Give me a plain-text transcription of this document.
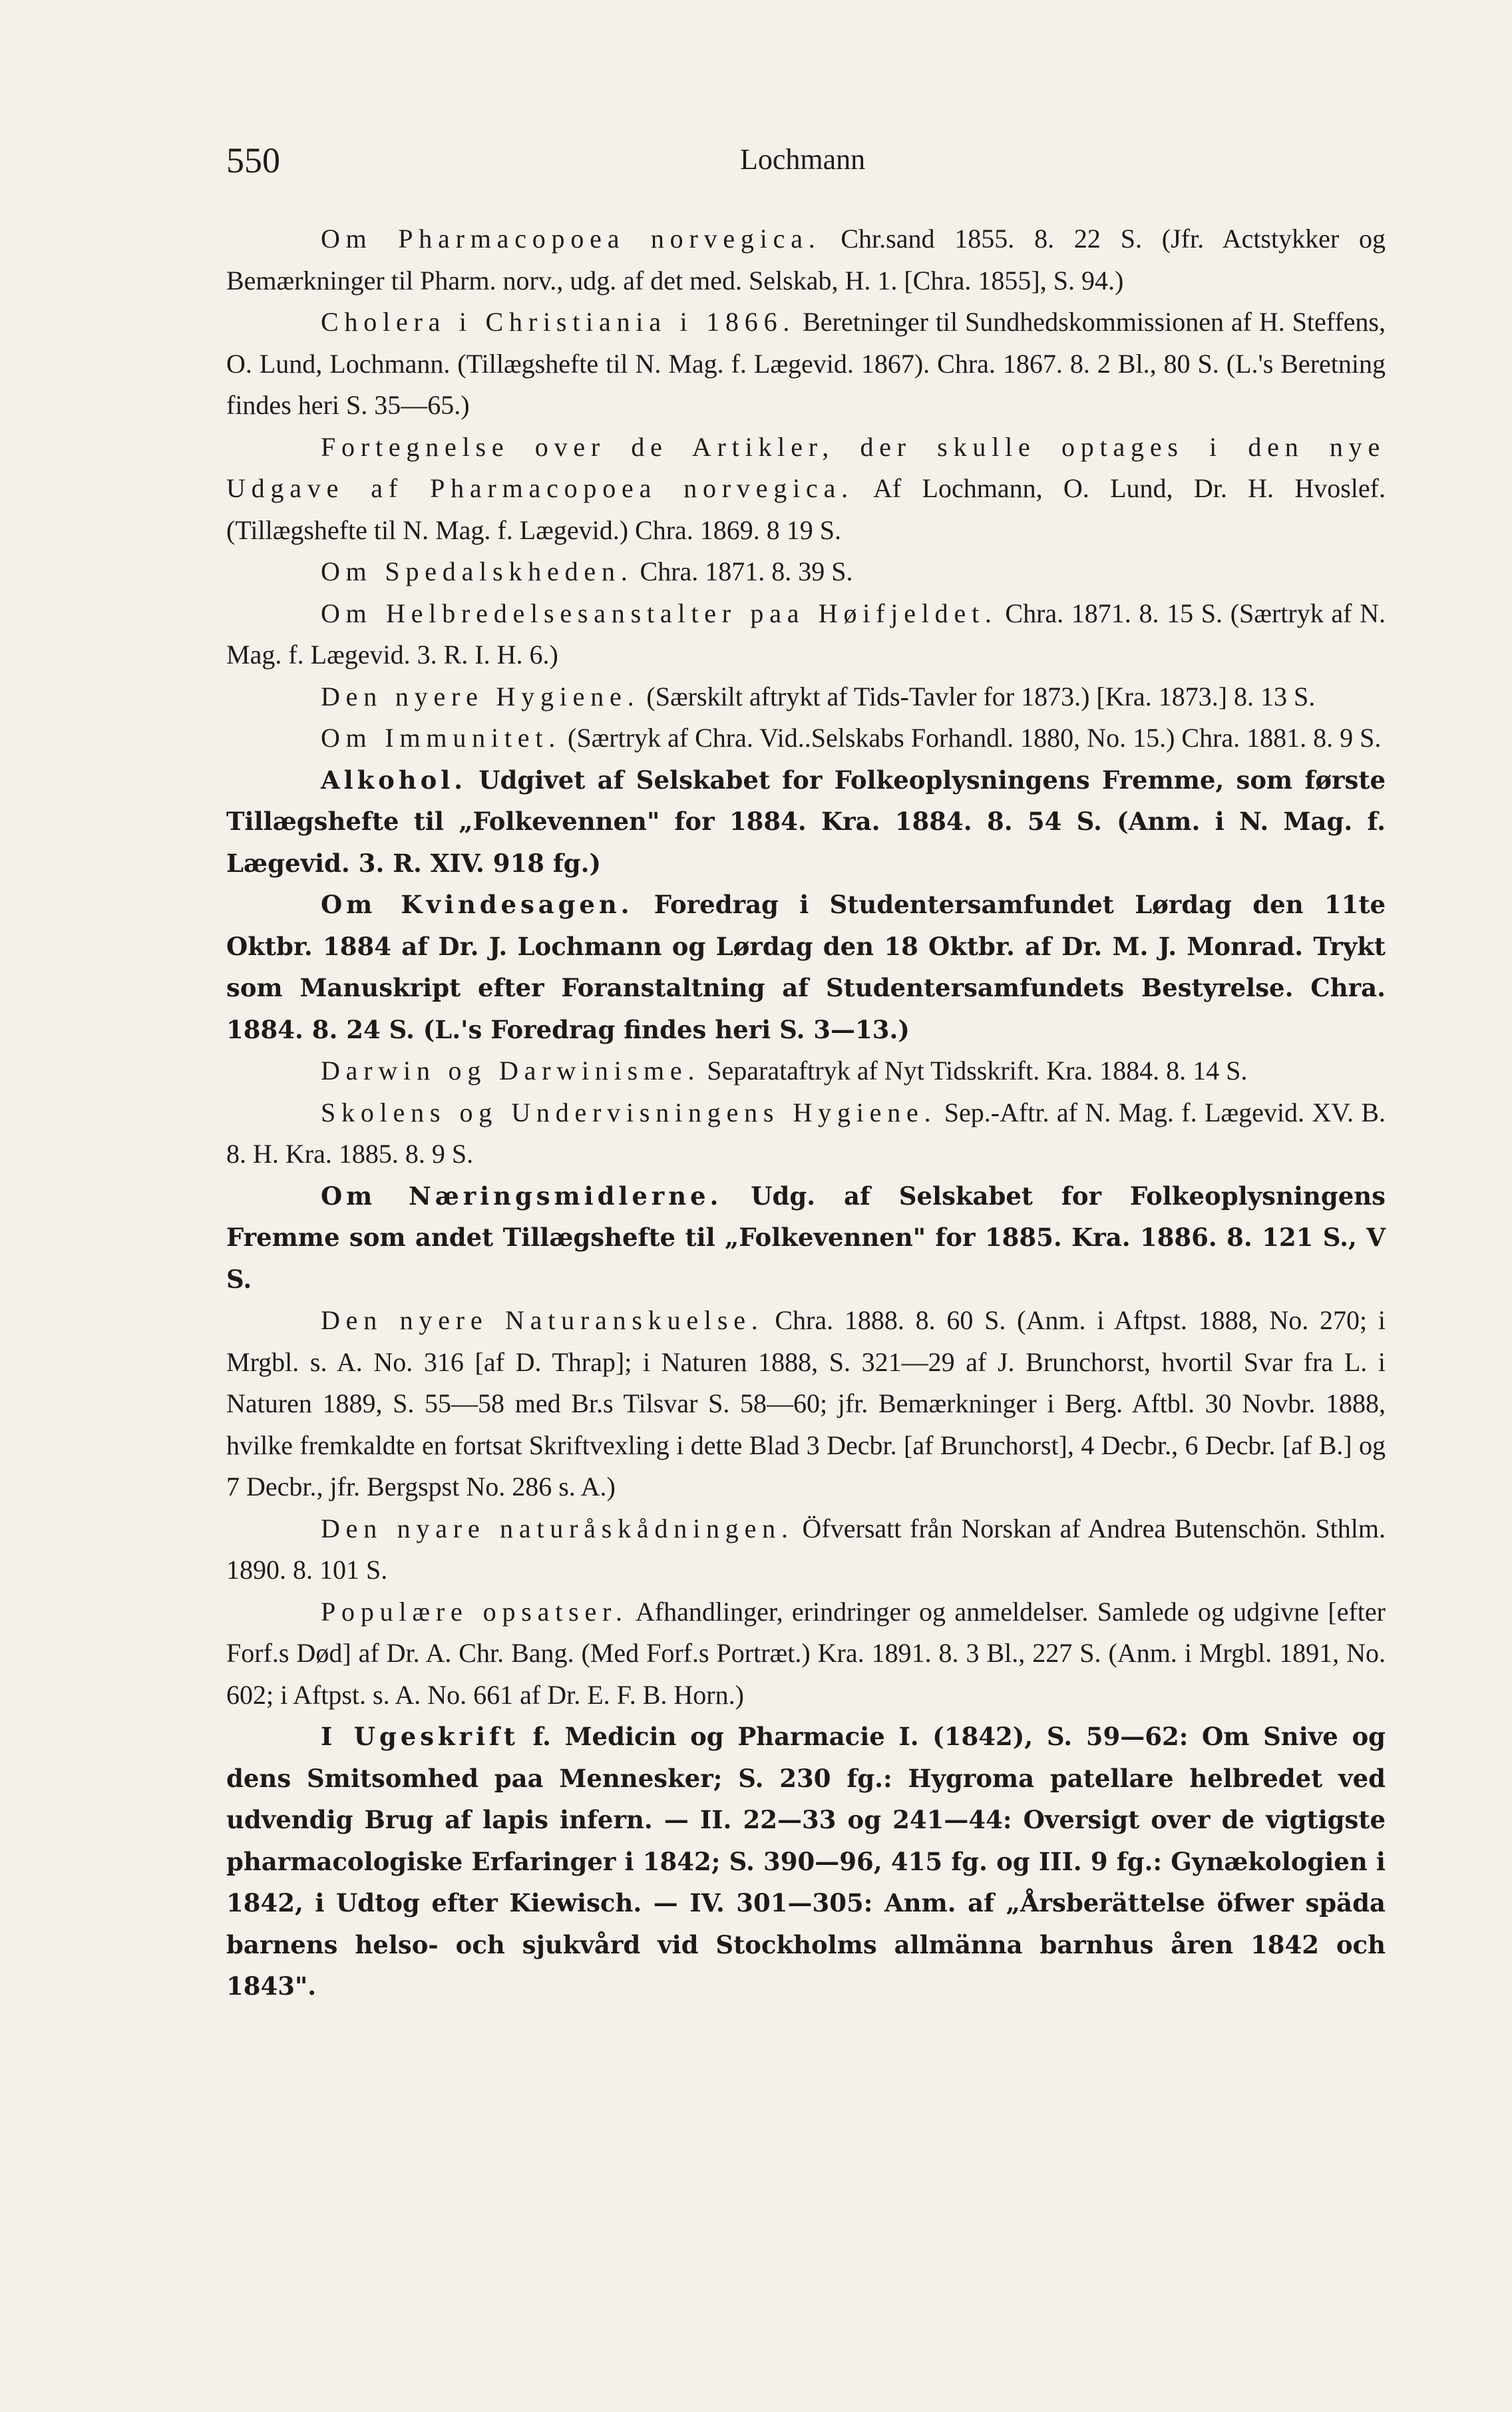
550	Lochmann

Om Pharmacopoea norvegica. Chr.sand 1855. 8. 22 S. (Jfr. Actstykker og Bemærkninger til Pharm. norv., udg. af det med. Selskab, H. 1. [Chra. 1855], S. 94.)

Cholera i Christiania i 1866. Beretninger til Sundhedskommissionen af H. Steffens, O. Lund, Lochmann. (Tillægshefte til N. Mag. f. Lægevid. 1867). Chra. 1867. 8. 2 Bl., 80 S. (L.'s Beretning findes heri S. 35—65.)

Fortegnelse over de Artikler, der skulle optages i den nye Udgave af Pharmacopoea norvegica. Af Lochmann, O. Lund, Dr. H. Hvoslef. (Tillægshefte til N. Mag. f. Lægevid.) Chra. 1869. 8 19 S.

Om Spedalskheden. Chra. 1871. 8. 39 S.

Om Helbredelsesanstalter paa Høifjeldet. Chra. 1871. 8. 15 S. (Særtryk af N. Mag. f. Lægevid. 3. R. I. H. 6.)

Den nyere Hygiene. (Særskilt aftrykt af Tids-Tavler for 1873.) [Kra. 1873.] 8. 13 S.

Om Immunitet. (Særtryk af Chra. Vid..Selskabs Forhandl. 1880, No. 15.) Chra. 1881. 8. 9 S.

Alkohol. Udgivet af Selskabet for Folkeoplysningens Fremme, som første Tillægshefte til „Folkevennen" for 1884. Kra. 1884. 8. 54 S. (Anm. i N. Mag. f. Lægevid. 3. R. XIV. 918 fg.)

Om Kvindesagen. Foredrag i Studentersamfundet Lørdag den 11te Oktbr. 1884 af Dr. J. Lochmann og Lørdag den 18 Oktbr. af Dr. M. J. Monrad. Trykt som Manuskript efter Foranstaltning af Studentersamfundets Bestyrelse. Chra. 1884. 8. 24 S. (L.'s Foredrag findes heri S. 3—13.)

Darwin og Darwinisme. Separataftryk af Nyt Tidsskrift. Kra. 1884. 8. 14 S.

Skolens og Undervisningens Hygiene. Sep.-Aftr. af N. Mag. f. Lægevid. XV. B. 8. H. Kra. 1885. 8. 9 S.

Om Næringsmidlerne. Udg. af Selskabet for Folkeoplysningens Fremme som andet Tillægshefte til „Folkevennen" for 1885. Kra. 1886. 8. 121 S., V S.

Den nyere Naturanskuelse. Chra. 1888. 8. 60 S. (Anm. i Aftpst. 1888, No. 270; i Mrgbl. s. A. No. 316 [af D. Thrap]; i Naturen 1888, S. 321—29 af J. Brunchorst, hvortil Svar fra L. i Naturen 1889, S. 55—58 med Br.s Tilsvar S. 58—60; jfr. Bemærkninger i Berg. Aftbl. 30 Novbr. 1888, hvilke fremkaldte en fortsat Skriftvexling i dette Blad 3 Decbr. [af Brunchorst], 4 Decbr., 6 Decbr. [af B.] og 7 Decbr., jfr. Bergspst No. 286 s. A.)

Den nyare naturåskådningen. Öfversatt från Norskan af Andrea Butenschön. Sthlm. 1890. 8. 101 S.

Populære opsatser. Afhandlinger, erindringer og anmeldelser. Samlede og udgivne [efter Forf.s Død] af Dr. A. Chr. Bang. (Med Forf.s Portræt.) Kra. 1891. 8. 3 Bl., 227 S. (Anm. i Mrgbl. 1891, No. 602; i Aftpst. s. A. No. 661 af Dr. E. F. B. Horn.)

I Ugeskrift f. Medicin og Pharmacie I. (1842), S. 59—62: Om Snive og dens Smitsomhed paa Mennesker; S. 230 fg.: Hygroma patellare helbredet ved udvendig Brug af lapis infern. — II. 22—33 og 241—44: Oversigt over de vigtigste pharmacologiske Erfaringer i 1842; S. 390—96, 415 fg. og III. 9 fg.: Gynækologien i 1842, i Udtog efter Kiewisch. — IV. 301—305: Anm. af „Årsberättelse öfwer späda barnens helso- och sjukvård vid Stockholms allmänna barnhus åren 1842 och 1843".
